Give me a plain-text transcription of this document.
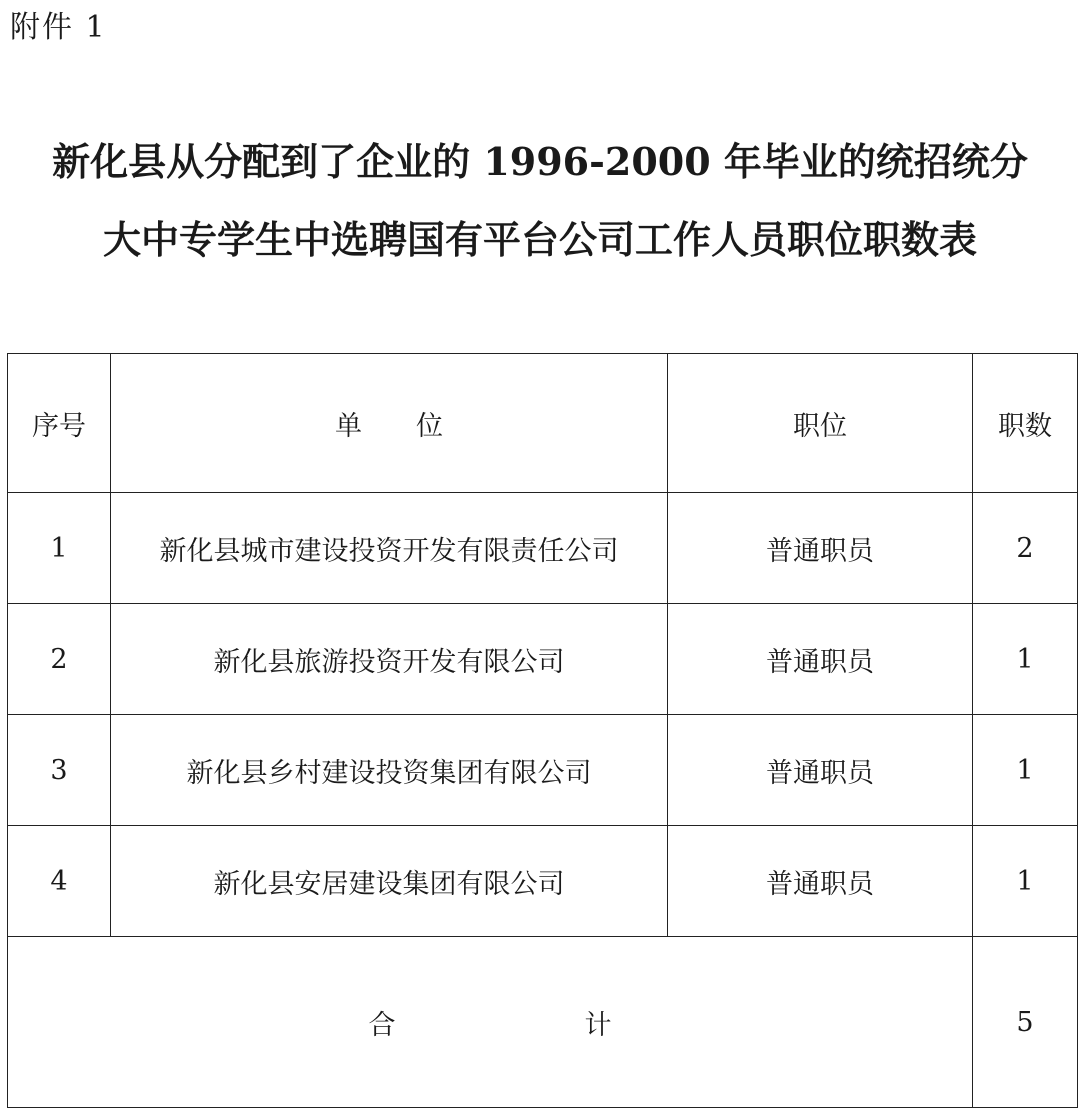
附件 1
新化县从分配到了企业的 1996-2000 年毕业的统招统分
大中专学生中选聘国有平台公司工作人员职位职数表
序号	单　　位	职位	职数
1	新化县城市建设投资开发有限责任公司	普通职员	2
2	新化县旅游投资开发有限公司	普通职员	1
3	新化县乡村建设投资集团有限公司	普通职员	1
4	新化县安居建设集团有限公司	普通职员	1
合　　　　　　　计			5
